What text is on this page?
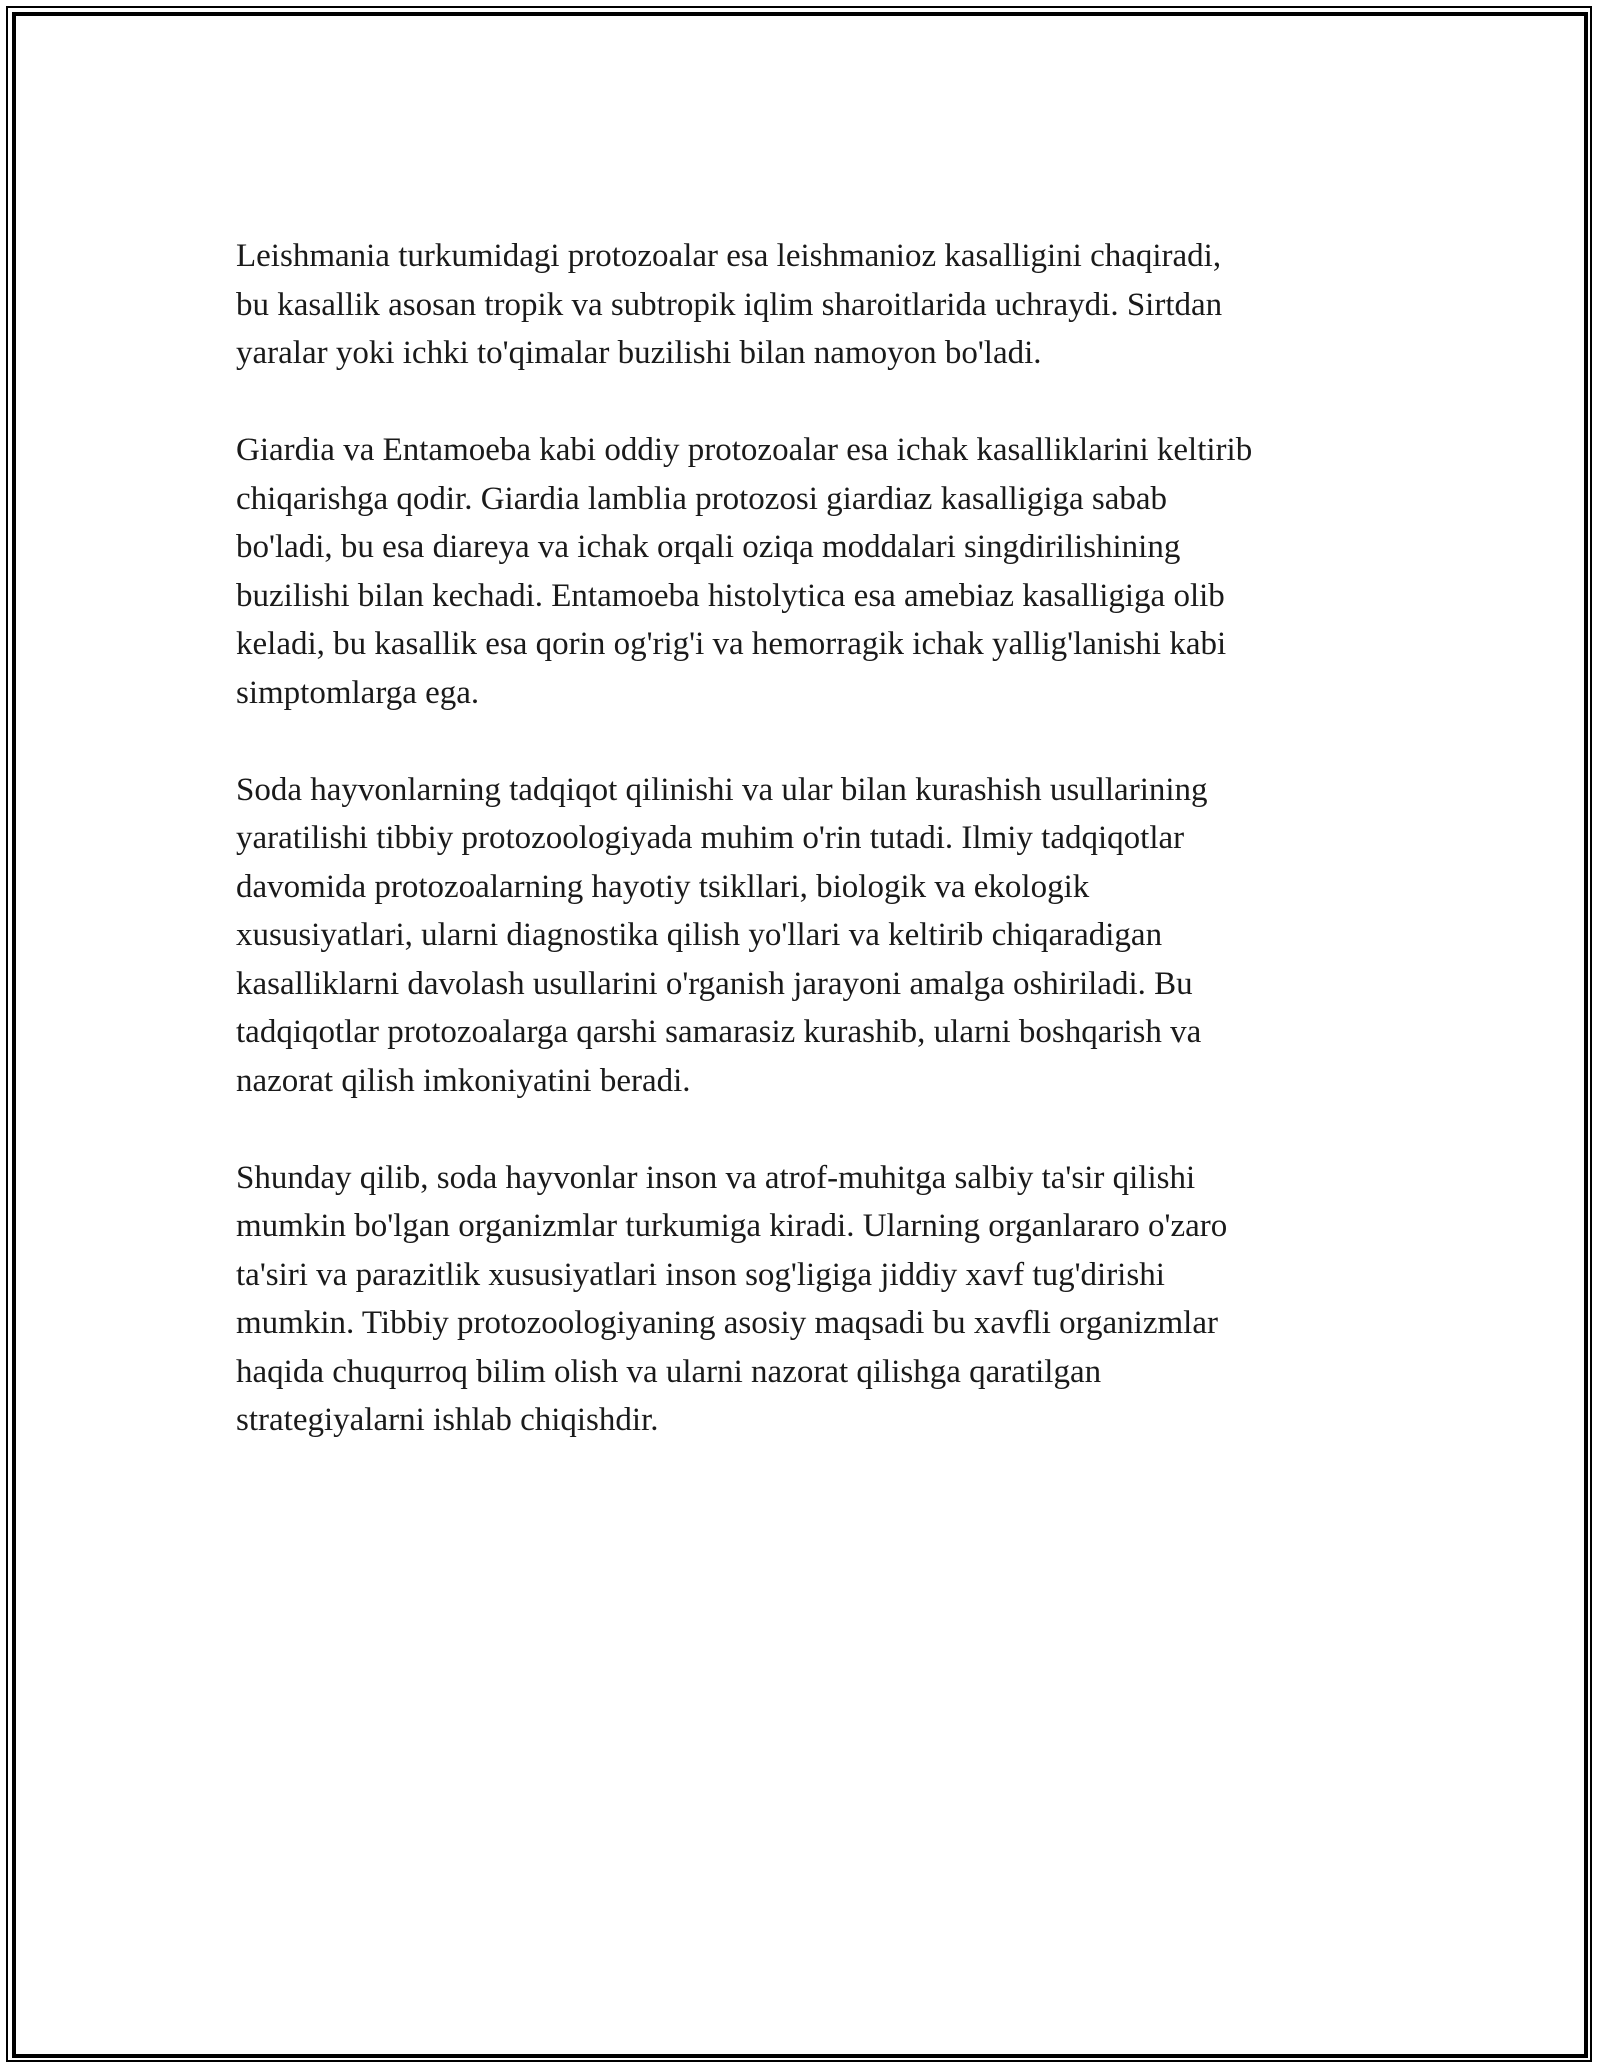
Leishmania turkumidagi protozoalar esa leishmanioz kasalligini chaqiradi,
bu kasallik asosan tropik va subtropik iqlim sharoitlarida uchraydi. Sirtdan
yaralar yoki ichki to'qimalar buzilishi bilan namoyon bo'ladi.

Giardia va Entamoeba kabi oddiy protozoalar esa ichak kasalliklarini keltirib
chiqarishga qodir. Giardia lamblia protozosi giardiaz kasalligiga sabab
bo'ladi, bu esa diareya va ichak orqali oziqa moddalari singdirilishining
buzilishi bilan kechadi. Entamoeba histolytica esa amebiaz kasalligiga olib
keladi, bu kasallik esa qorin og'rig'i va hemorragik ichak yallig'lanishi kabi
simptomlarga ega.

Soda hayvonlarning tadqiqot qilinishi va ular bilan kurashish usullarining
yaratilishi tibbiy protozoologiyada muhim o'rin tutadi. Ilmiy tadqiqotlar
davomida protozoalarning hayotiy tsikllari, biologik va ekologik
xususiyatlari, ularni diagnostika qilish yo'llari va keltirib chiqaradigan
kasalliklarni davolash usullarini o'rganish jarayoni amalga oshiriladi. Bu
tadqiqotlar protozoalarga qarshi samarasiz kurashib, ularni boshqarish va
nazorat qilish imkoniyatini beradi.

Shunday qilib, soda hayvonlar inson va atrof-muhitga salbiy ta'sir qilishi
mumkin bo'lgan organizmlar turkumiga kiradi. Ularning organlararo o'zaro
ta'siri va parazitlik xususiyatlari inson sog'ligiga jiddiy xavf tug'dirishi
mumkin. Tibbiy protozoologiyaning asosiy maqsadi bu xavfli organizmlar
haqida chuqurroq bilim olish va ularni nazorat qilishga qaratilgan
strategiyalarni ishlab chiqishdir.
